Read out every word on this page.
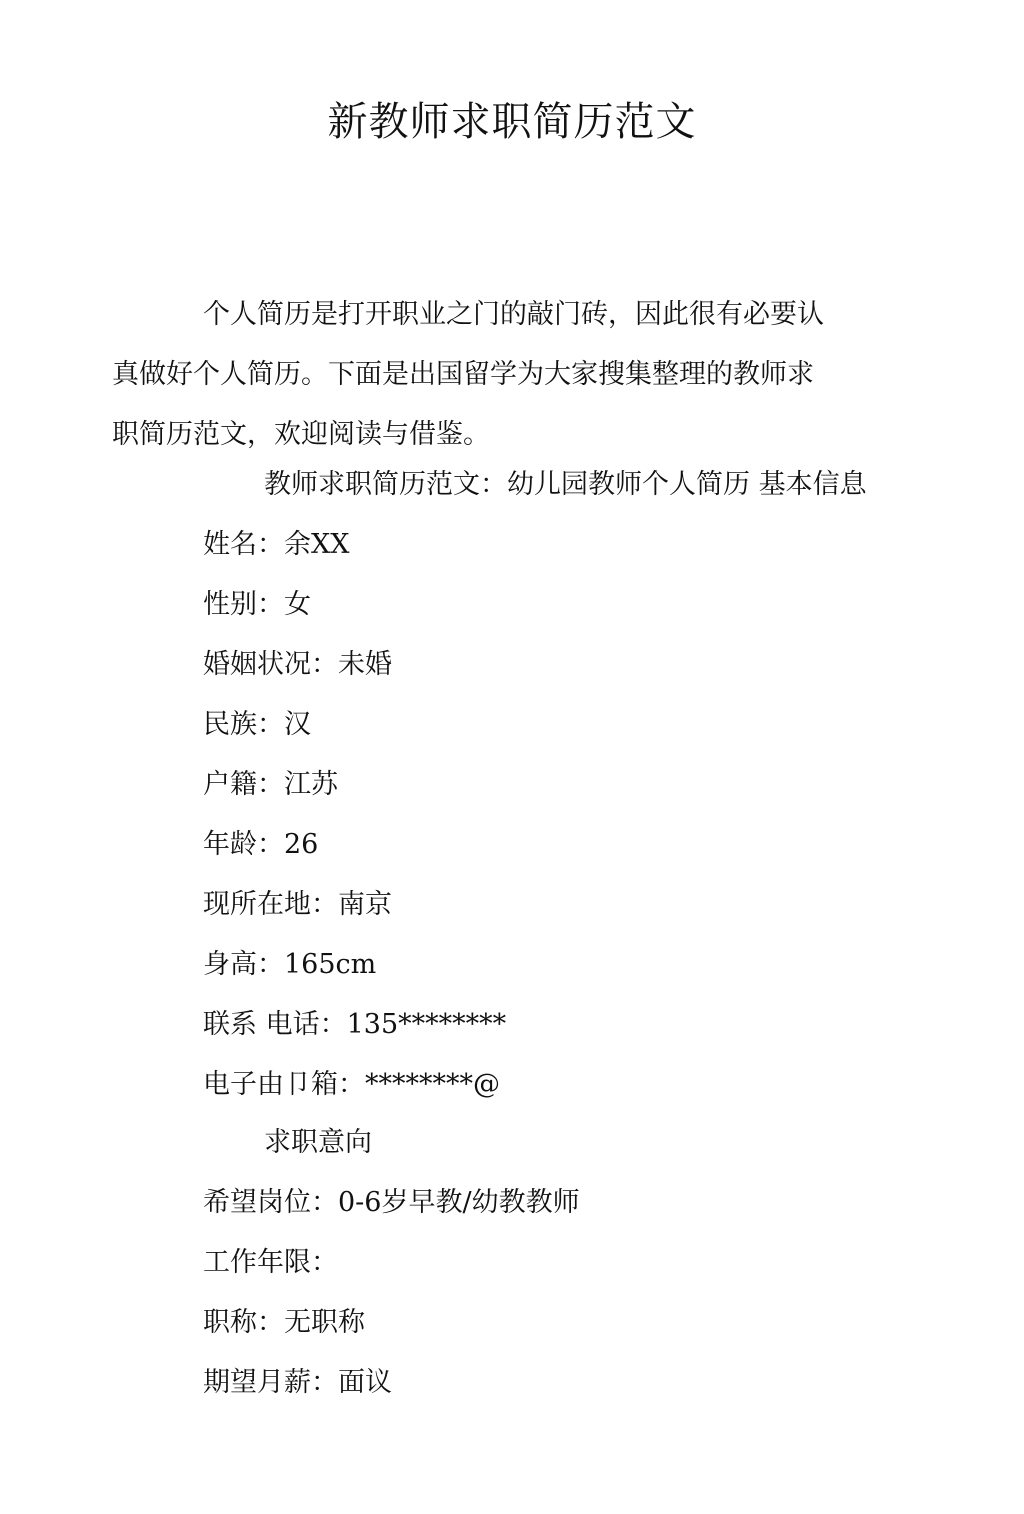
新教师求职简历范文

个人简历是打开职业之门的敲门砖，因此很有必要认

真做好个人简历。下面是出国留学为大家搜集整理的教师求

职简历范文，欢迎阅读与借鉴。

教师求职简历范文：幼儿园教师个人简历 基本信息

姓名：余XX
性别：女
婚姻状况：未婚
民族：汉
户籍：江苏
年龄：26
现所在地：南京
身高：165cm
联系 电话：135********
电子由卩箱：********@

求职意向

希望岗位：0-6岁早教/幼教教师
工作年限：
职称：无职称
期望月薪：面议
